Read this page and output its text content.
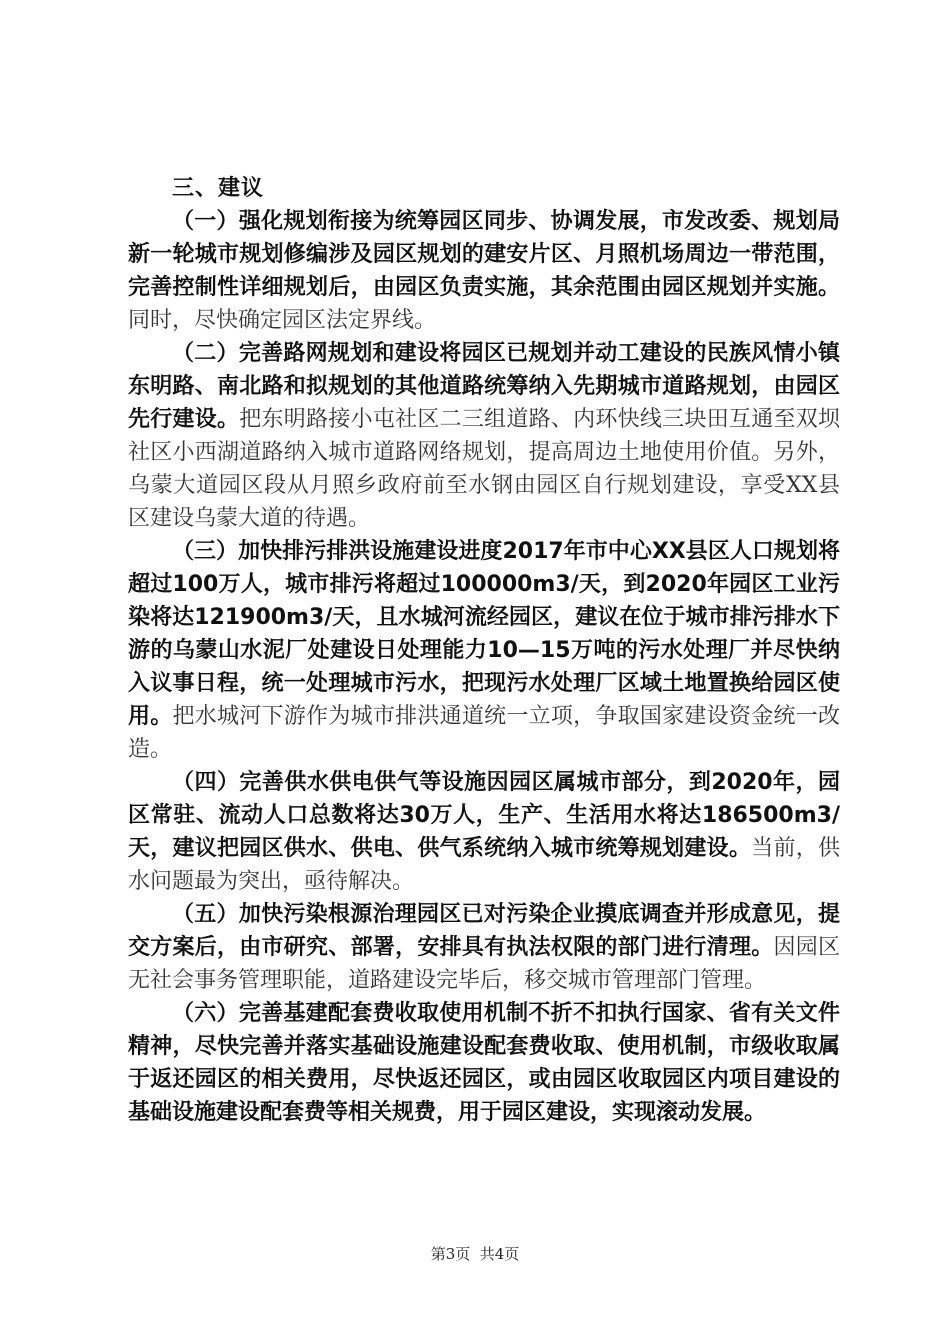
三、建议

（一）强化规划衔接为统筹园区同步、协调发展，市发改委、规划局新一轮城市规划修编涉及园区规划的建安片区、月照机场周边一带范围，完善控制性详细规划后，由园区负责实施，其余范围由园区规划并实施。同时，尽快确定园区法定界线。

（二）完善路网规划和建设将园区已规划并动工建设的民族风情小镇东明路、南北路和拟规划的其他道路统筹纳入先期城市道路规划，由园区先行建设。把东明路接小屯社区二三组道路、内环快线三块田互通至双坝社区小西湖道路纳入城市道路网络规划，提高周边土地使用价值。另外，乌蒙大道园区段从月照乡政府前至水钢由园区自行规划建设，享受XX县区建设乌蒙大道的待遇。

（三）加快排污排洪设施建设进度2017年市中心XX县区人口规划将超过100万人，城市排污将超过100000m3/天，到2020年园区工业污染将达121900m3/天，且水城河流经园区，建议在位于城市排污排水下游的乌蒙山水泥厂处建设日处理能力10—15万吨的污水处理厂并尽快纳入议事日程，统一处理城市污水，把现污水处理厂区域土地置换给园区使用。把水城河下游作为城市排洪通道统一立项，争取国家建设资金统一改造。

（四）完善供水供电供气等设施因园区属城市部分，到2020年，园区常驻、流动人口总数将达30万人，生产、生活用水将达186500m3/天，建议把园区供水、供电、供气系统纳入城市统筹规划建设。当前，供水问题最为突出，亟待解决。

（五）加快污染根源治理园区已对污染企业摸底调查并形成意见，提交方案后，由市研究、部署，安排具有执法权限的部门进行清理。因园区无社会事务管理职能，道路建设完毕后，移交城市管理部门管理。

（六）完善基建配套费收取使用机制不折不扣执行国家、省有关文件精神，尽快完善并落实基础设施建设配套费收取、使用机制，市级收取属于返还园区的相关费用，尽快返还园区，或由园区收取园区内项目建设的基础设施建设配套费等相关规费，用于园区建设，实现滚动发展。

第3页  共4页
